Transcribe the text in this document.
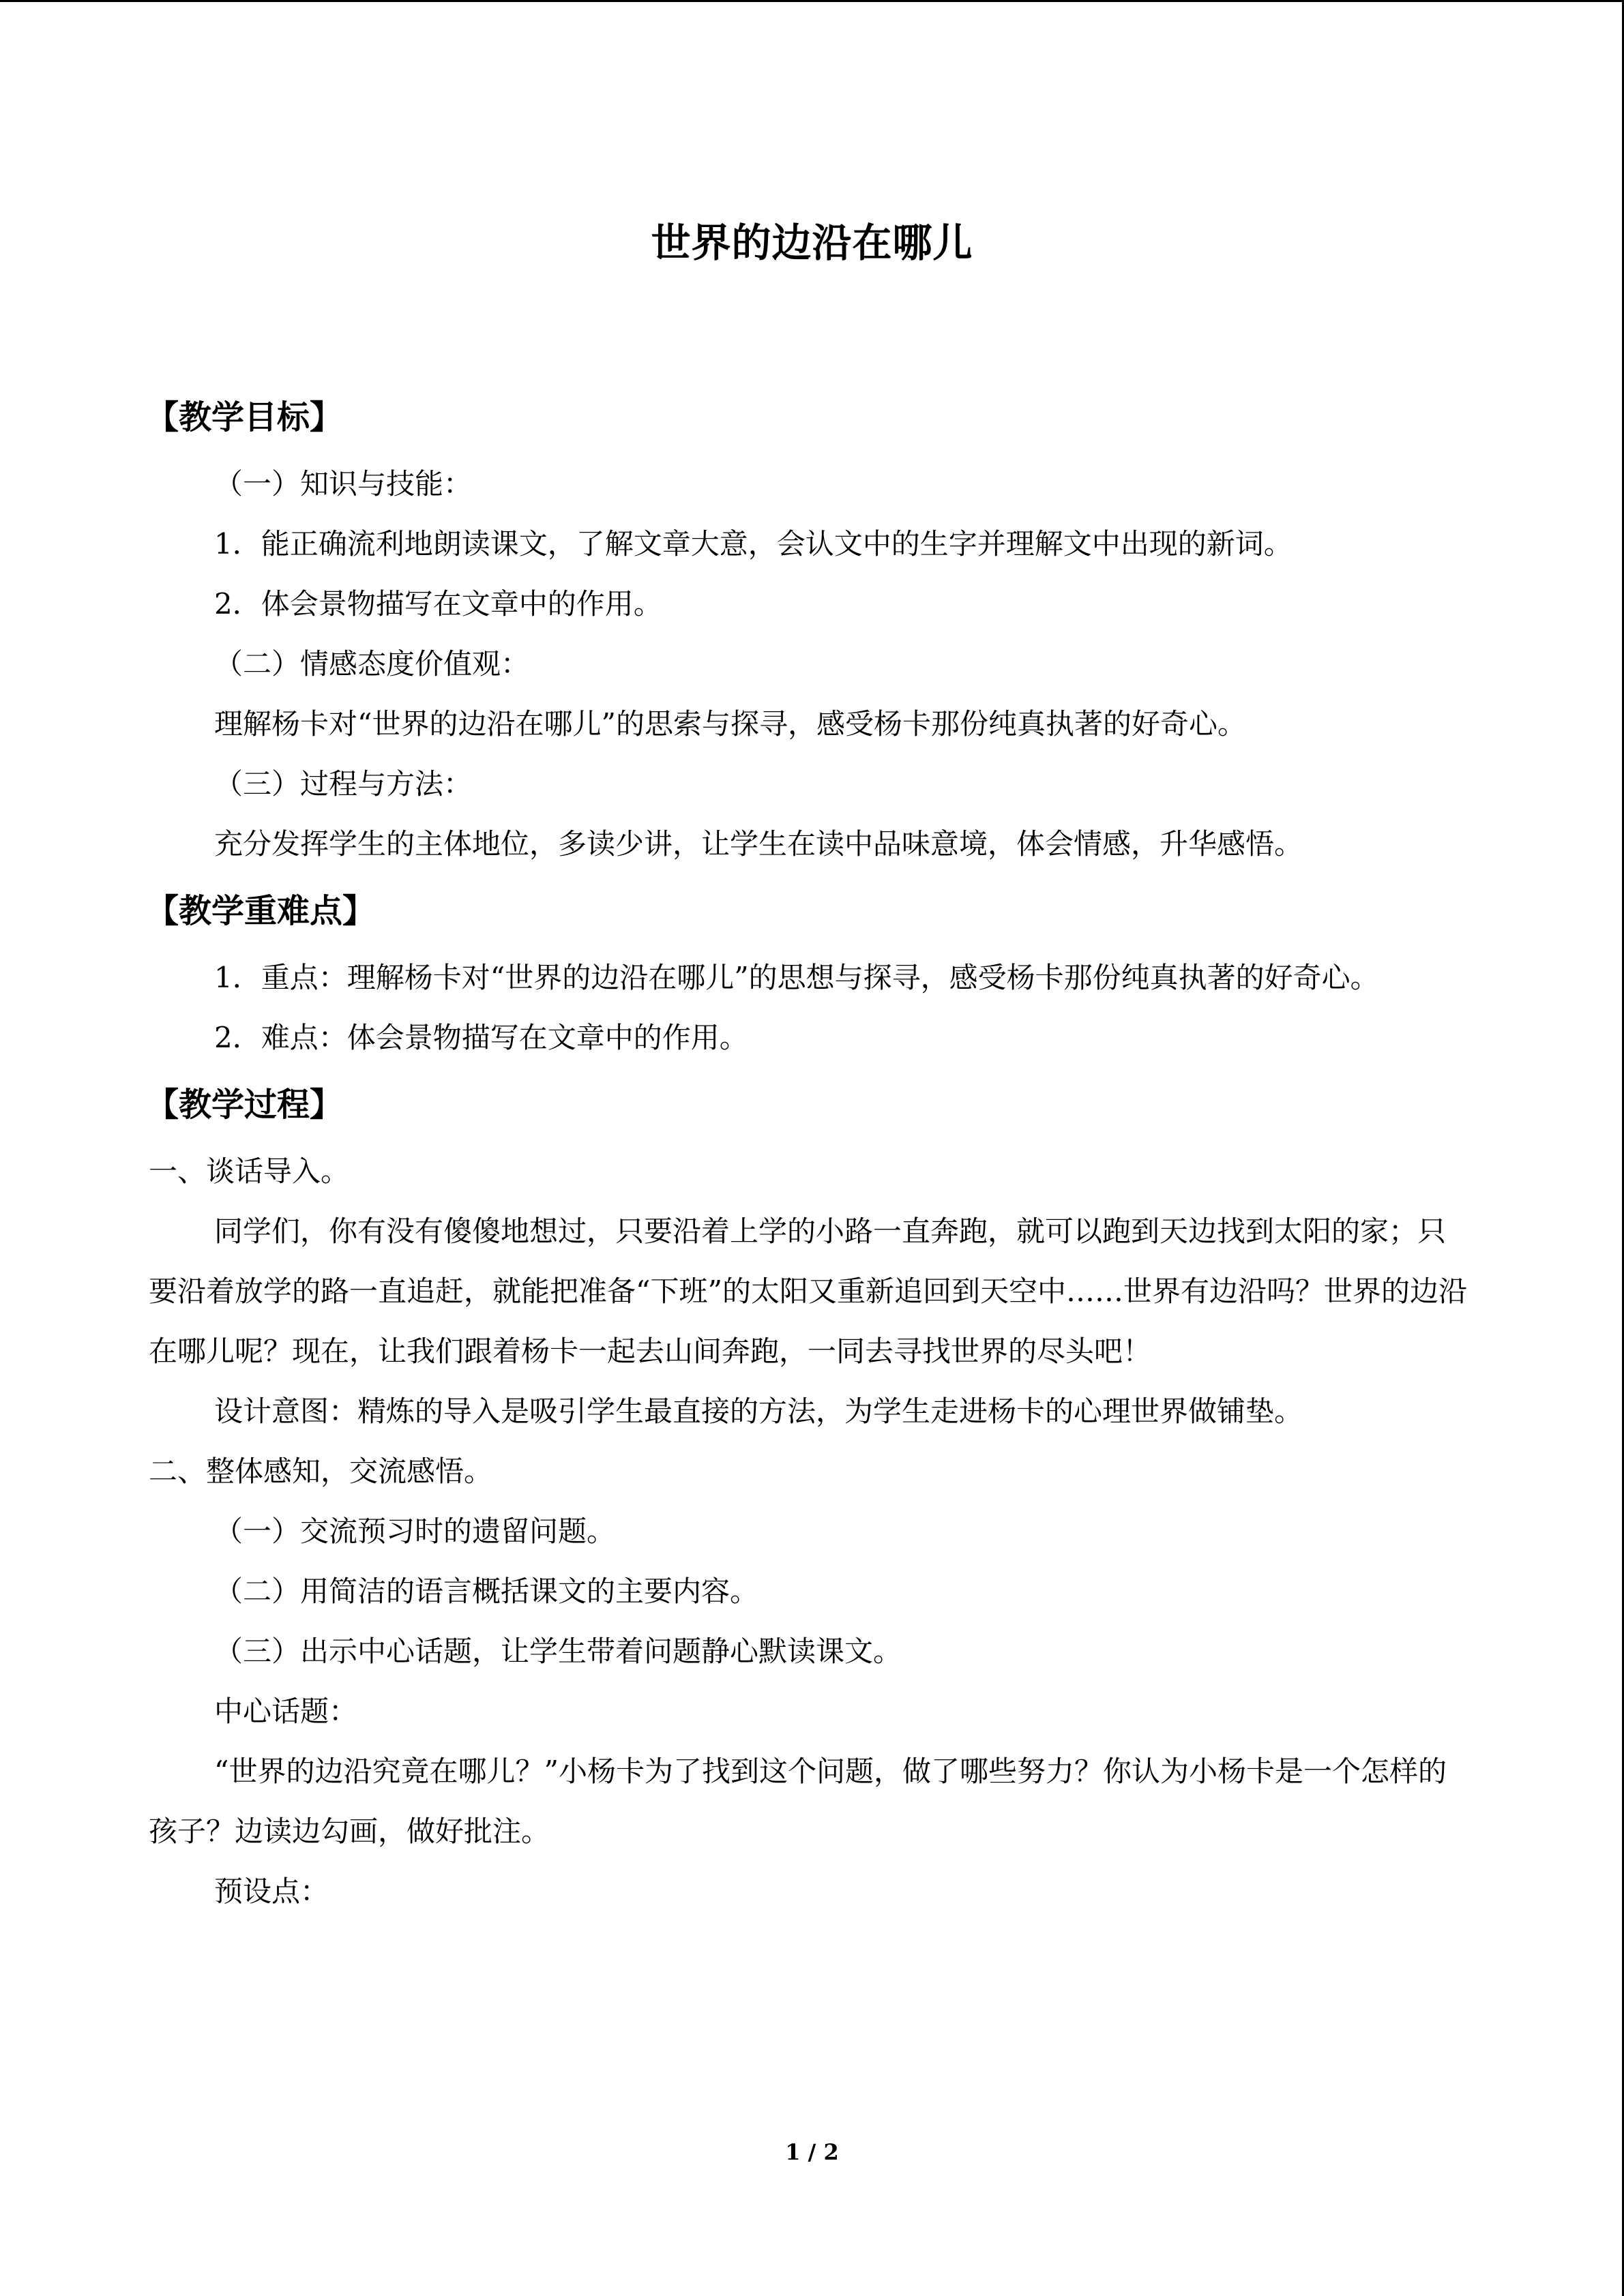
世界的边沿在哪儿
【教学目标】

（一）知识与技能：

1．能正确流利地朗读课文，了解文章大意，会认文中的生字并理解文中出现的新词。

2．体会景物描写在文章中的作用。

（二）情感态度价值观：

理解杨卡对“世界的边沿在哪儿”的思索与探寻，感受杨卡那份纯真执著的好奇心。

（三）过程与方法：

充分发挥学生的主体地位，多读少讲，让学生在读中品味意境，体会情感，升华感悟。

【教学重难点】

1．重点：理解杨卡对“世界的边沿在哪儿”的思想与探寻，感受杨卡那份纯真执著的好奇心。

2．难点：体会景物描写在文章中的作用。

【教学过程】

一、谈话导入。

同学们，你有没有傻傻地想过，只要沿着上学的小路一直奔跑，就可以跑到天边找到太阳的家；只要沿着放学的路一直追赶，就能把准备“下班”的太阳又重新追回到天空中……世界有边沿吗？世界的边沿在哪儿呢？现在，让我们跟着杨卡一起去山间奔跑，一同去寻找世界的尽头吧！

设计意图：精炼的导入是吸引学生最直接的方法，为学生走进杨卡的心理世界做铺垫。

二、整体感知，交流感悟。

（一）交流预习时的遗留问题。

（二）用简洁的语言概括课文的主要内容。

（三）出示中心话题，让学生带着问题静心默读课文。

中心话题：

“世界的边沿究竟在哪儿？”小杨卡为了找到这个问题，做了哪些努力？你认为小杨卡是一个怎样的孩子？边读边勾画，做好批注。

预设点：

1 / 2
